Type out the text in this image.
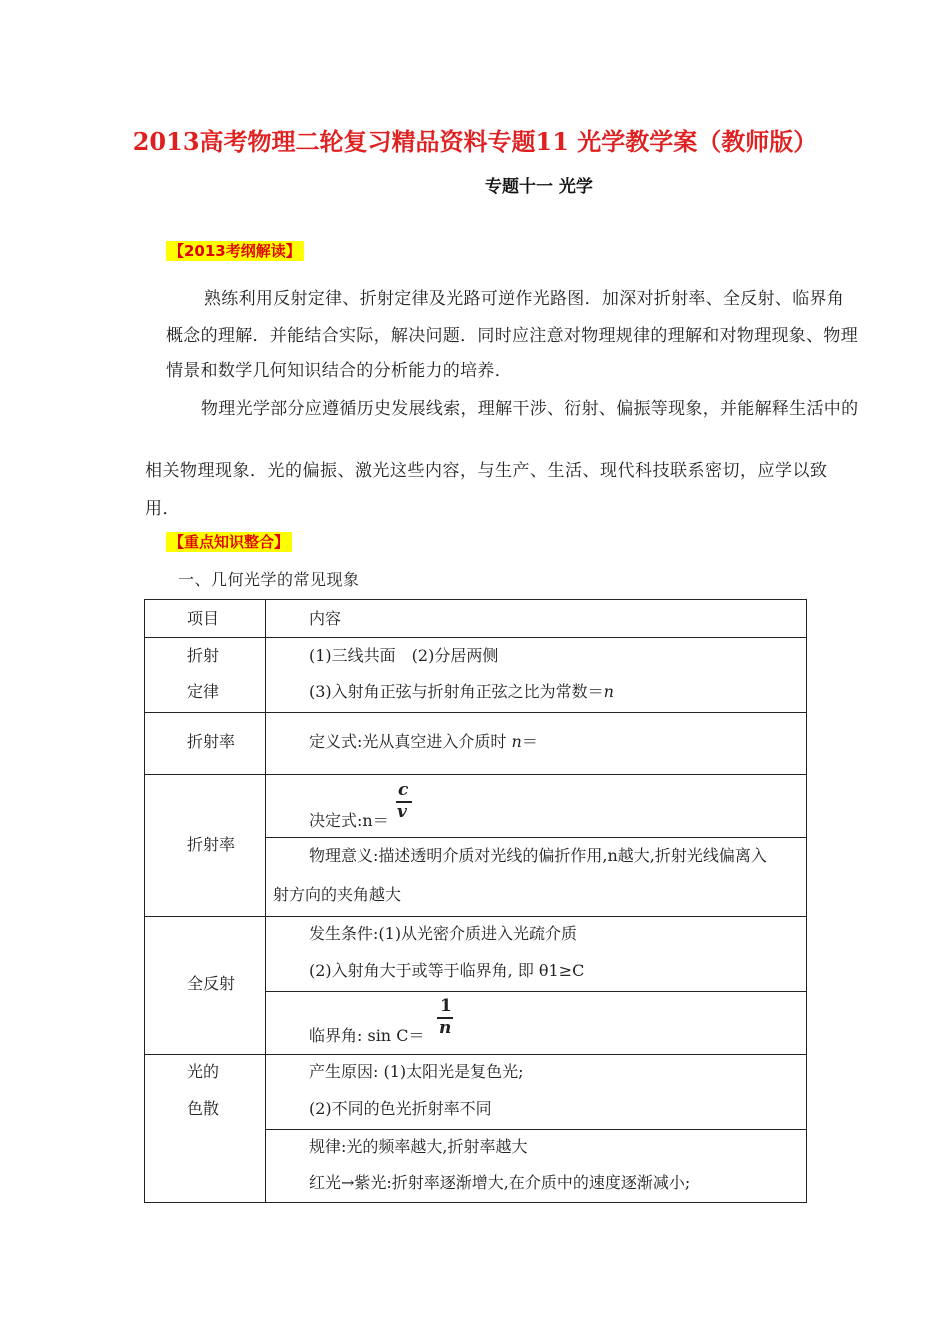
2013高考物理二轮复习精品资料专题11 光学教学案（教师版）
专题十一 光学
【2013考纲解读】
熟练利用反射定律、折射定律及光路可逆作光路图．加深对折射率、全反射、临界角
概念的理解．并能结合实际，解决问题．同时应注意对物理规律的理解和对物理现象、物理
情景和数学几何知识结合的分析能力的培养．
物理光学部分应遵循历史发展线索，理解干涉、衍射、偏振等现象，并能解释生活中的
相关物理现象．光的偏振、激光这些内容，与生产、生活、现代科技联系密切，应学以致
用．
【重点知识整合】
一、几何光学的常见现象
项目	内容
折射
定律
(1)三线共面　(2)分居两侧
(3)入射角正弦与折射角正弦之比为常数＝n
折射率	定义式:光从真空进入介质时 n＝
折射率
决定式:n＝
c
v
物理意义:描述透明介质对光线的偏折作用,n越大,折射光线偏离入
射方向的夹角越大
全反射
发生条件:(1)从光密介质进入光疏介质
(2)入射角大于或等于临界角, 即 θ1≥C
临界角: sin C＝
1
n
光的
色散
产生原因: (1)太阳光是复色光;
(2)不同的色光折射率不同
规律:光的频率越大,折射率越大
红光→紫光:折射率逐渐增大,在介质中的速度逐渐减小;
